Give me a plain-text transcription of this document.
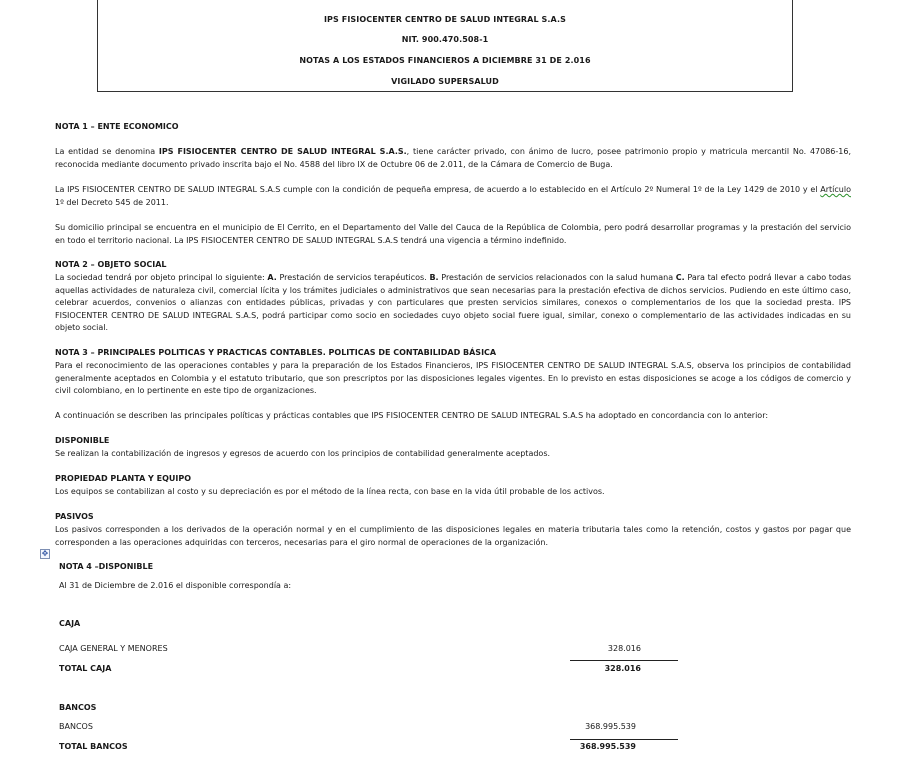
IPS FISIOCENTER CENTRO DE SALUD INTEGRAL S.A.S
NIT. 900.470.508-1
NOTAS A LOS ESTADOS FINANCIEROS A DICIEMBRE 31 DE 2.016
VIGILADO SUPERSALUD
NOTA 1 – ENTE ECONOMICO

La entidad se denomina IPS FISIOCENTER CENTRO DE SALUD INTEGRAL S.A.S., tiene carácter privado, con ánimo de lucro, posee patrimonio propio y matricula mercantil No. 47086-16, reconocida mediante documento privado inscrita bajo el No. 4588 del libro IX de Octubre 06 de 2.011, de la Cámara de Comercio de Buga.

La IPS FISIOCENTER CENTRO DE SALUD INTEGRAL S.A.S cumple con la condición de pequeña empresa, de acuerdo a lo establecido en el Artículo 2º Numeral 1º de la Ley 1429 de 2010 y el Artículo 1º del Decreto 545 de 2011.

Su domicilio principal se encuentra en el municipio de El Cerrito, en el Departamento del Valle del Cauca de la República de Colombia, pero podrá desarrollar programas y la prestación del servicio en todo el territorio nacional. La IPS FISIOCENTER CENTRO DE SALUD INTEGRAL S.A.S tendrá una vigencia a término indefinido.

NOTA 2 – OBJETO SOCIAL

La sociedad tendrá por objeto principal lo siguiente: A. Prestación de servicios terapéuticos. B. Prestación de servicios relacionados con la salud humana C. Para tal efecto podrá llevar a cabo todas aquellas actividades de naturaleza civil, comercial lícita y los trámites judiciales o administrativos que sean necesarias para la prestación efectiva de dichos servicios. Pudiendo en este último caso, celebrar acuerdos, convenios o alianzas con entidades públicas, privadas y con particulares que presten servicios similares, conexos o complementarios de los que la sociedad presta. IPS FISIOCENTER CENTRO DE SALUD INTEGRAL S.A.S, podrá participar como socio en sociedades cuyo objeto social fuere igual, similar, conexo o complementario de las actividades indicadas en su objeto social.

NOTA 3 – PRINCIPALES POLITICAS Y PRACTICAS CONTABLES. POLITICAS DE CONTABILIDAD BÁSICA

Para el reconocimiento de las operaciones contables y para la preparación de los Estados Financieros, IPS FISIOCENTER CENTRO DE SALUD INTEGRAL S.A.S, observa los principios de contabilidad generalmente aceptados en Colombia y el estatuto tributario, que son prescriptos por las disposiciones legales vigentes. En lo previsto en estas disposiciones se acoge a los códigos de comercio y civil colombiano, en lo pertinente en este tipo de organizaciones.

A continuación se describen las principales políticas y prácticas contables que IPS FISIOCENTER CENTRO DE SALUD INTEGRAL S.A.S ha adoptado en concordancia con lo anterior:

DISPONIBLE

Se realizan la contabilización de ingresos y egresos de acuerdo con los principios de contabilidad generalmente aceptados.

PROPIEDAD PLANTA Y EQUIPO

Los equipos se contabilizan al costo y su depreciación es por el método de la línea recta, con base en la vida útil probable de los activos.

PASIVOS

Los pasivos corresponden a los derivados de la operación normal y en el cumplimiento de las disposiciones legales en materia tributaria tales como la retención, costos y gastos por pagar que corresponden a las operaciones adquiridas con terceros, necesarias para el giro normal de operaciones de la organización.

✥
NOTA 4 –DISPONIBLE
Al 31 de Diciembre de 2.016 el disponible correspondía a:
CAJA
CAJA GENERAL Y MENORES	328.016
TOTAL CAJA	328.016
BANCOS
BANCOS	368.995.539
TOTAL BANCOS	368.995.539
